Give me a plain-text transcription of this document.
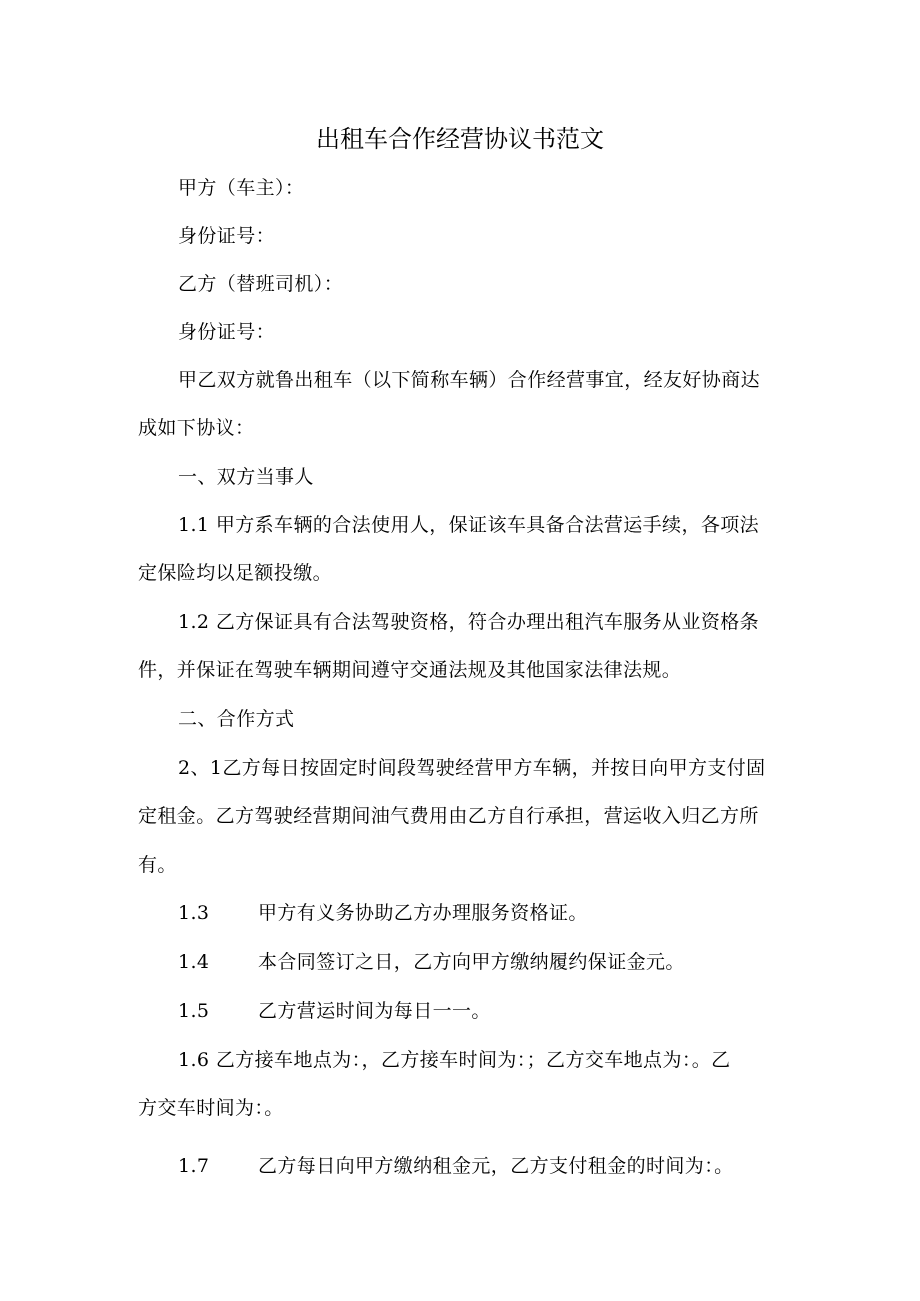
出租车合作经营协议书范文
甲方（车主）：
身份证号：
乙方（替班司机）：
身份证号：
甲乙双方就鲁出租车（以下简称车辆）合作经营事宜，经友好协商达
成如下协议：
一、双方当事人
1.1 甲方系车辆的合法使用人，保证该车具备合法营运手续，各项法
定保险均以足额投缴。
1.2 乙方保证具有合法驾驶资格，符合办理出租汽车服务从业资格条
件，并保证在驾驶车辆期间遵守交通法规及其他国家法律法规。
二、合作方式
2、1乙方每日按固定时间段驾驶经营甲方车辆，并按日向甲方支付固
定租金。乙方驾驶经营期间油气费用由乙方自行承担，营运收入归乙方所
有。
1.3	甲方有义务协助乙方办理服务资格证。
1.4	本合同签订之日，乙方向甲方缴纳履约保证金元。
1.5	乙方营运时间为每日一一。
1.6 乙方接车地点为：，乙方接车时间为：；乙方交车地点为：。乙
方交车时间为：。
1.7	乙方每日向甲方缴纳租金元，乙方支付租金的时间为：。
